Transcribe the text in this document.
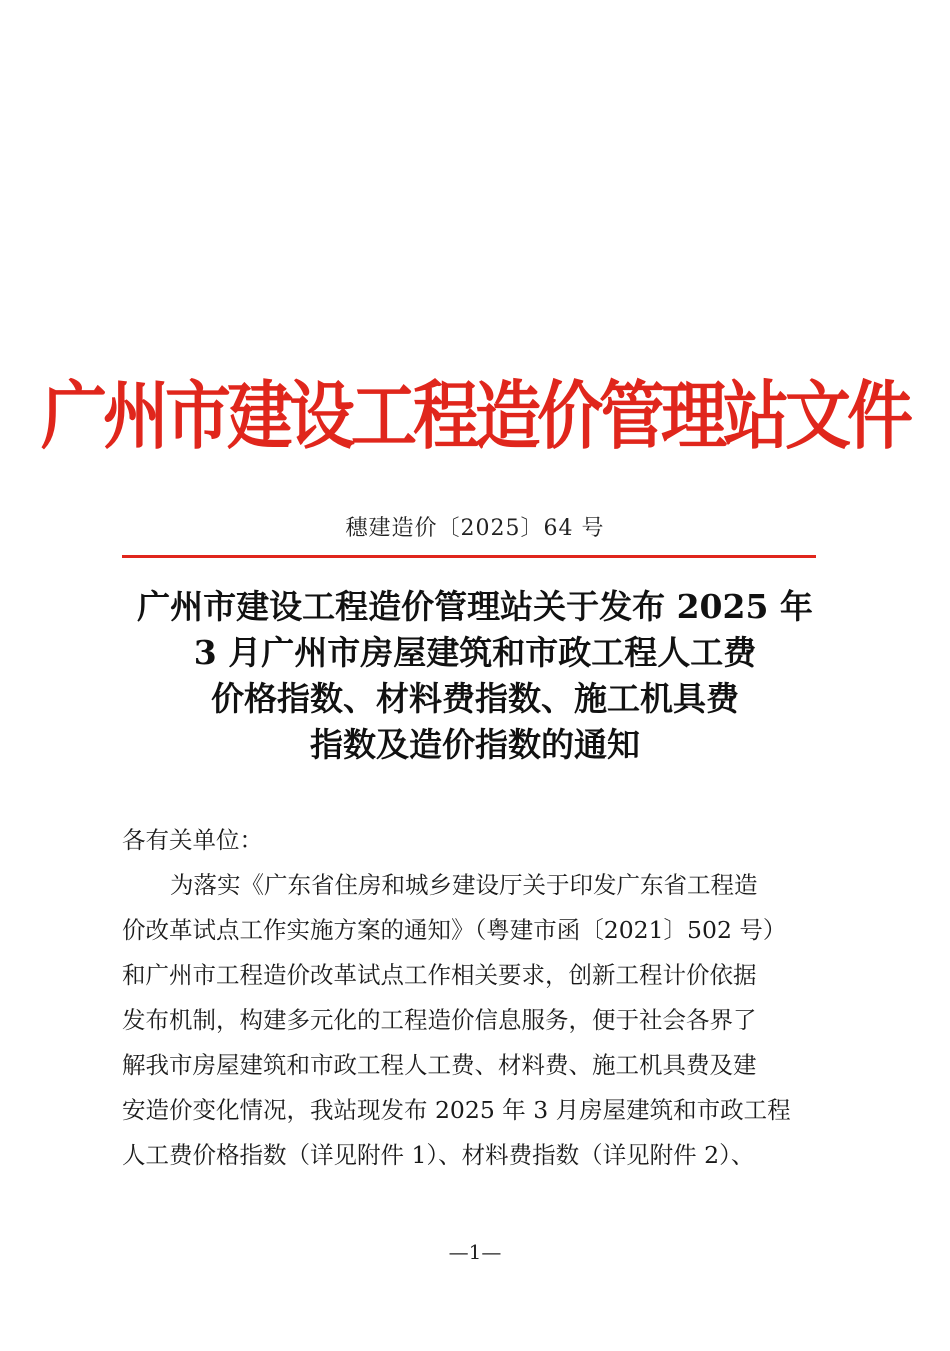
广州市建设工程造价管理站文件
穗建造价〔2025〕64 号
广州市建设工程造价管理站关于发布 2025 年
3 月广州市房屋建筑和市政工程人工费
价格指数、材料费指数、施工机具费
指数及造价指数的通知
各有关单位：
为落实《广东省住房和城乡建设厅关于印发广东省工程造
价改革试点工作实施方案的通知》（粤建市函〔2021〕502 号）
和广州市工程造价改革试点工作相关要求，创新工程计价依据
发布机制，构建多元化的工程造价信息服务，便于社会各界了
解我市房屋建筑和市政工程人工费、材料费、施工机具费及建
安造价变化情况，我站现发布 2025 年 3 月房屋建筑和市政工程
人工费价格指数（详见附件 1）、材料费指数（详见附件 2）、
—1—
